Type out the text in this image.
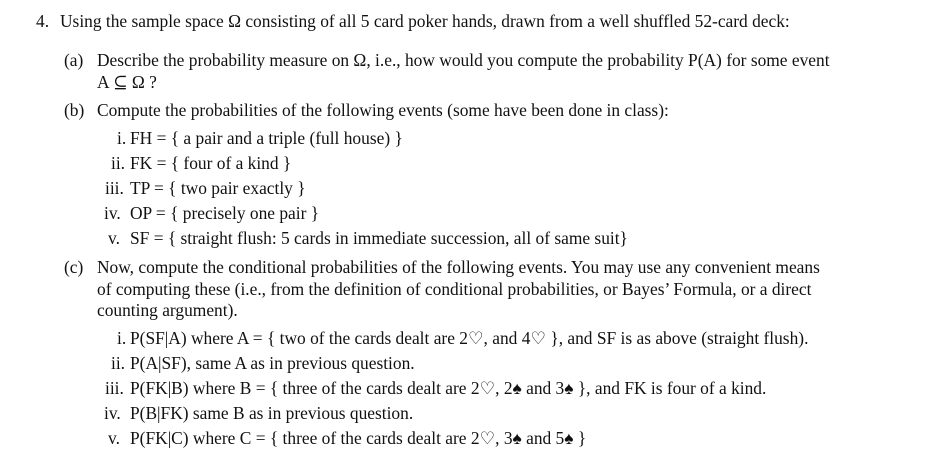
4. Using the sample space Ω consisting of all 5 card poker hands, drawn from a well shuffled 52-card deck:
(a) Describe the probability measure on Ω, i.e., how would you compute the probability P(A) for some event
A ⊆ Ω ?
(b) Compute the probabilities of the following events (some have been done in class):
i. FH = { a pair and a triple (full house) }
ii. FK = { four of a kind }
iii. TP = { two pair exactly }
iv. OP = { precisely one pair }
v. SF = { straight flush: 5 cards in immediate succession, all of same suit}
(c) Now, compute the conditional probabilities of the following events. You may use any convenient means
of computing these (i.e., from the definition of conditional probabilities, or Bayes’ Formula, or a direct
counting argument).
i. P(SF|A) where A = { two of the cards dealt are 2♡, and 4♡ }, and SF is as above (straight flush).
ii. P(A|SF), same A as in previous question.
iii. P(FK|B) where B = { three of the cards dealt are 2♡, 2♠ and 3♠ }, and FK is four of a kind.
iv. P(B|FK) same B as in previous question.
v. P(FK|C) where C = { three of the cards dealt are 2♡, 3♠ and 5♠ }
